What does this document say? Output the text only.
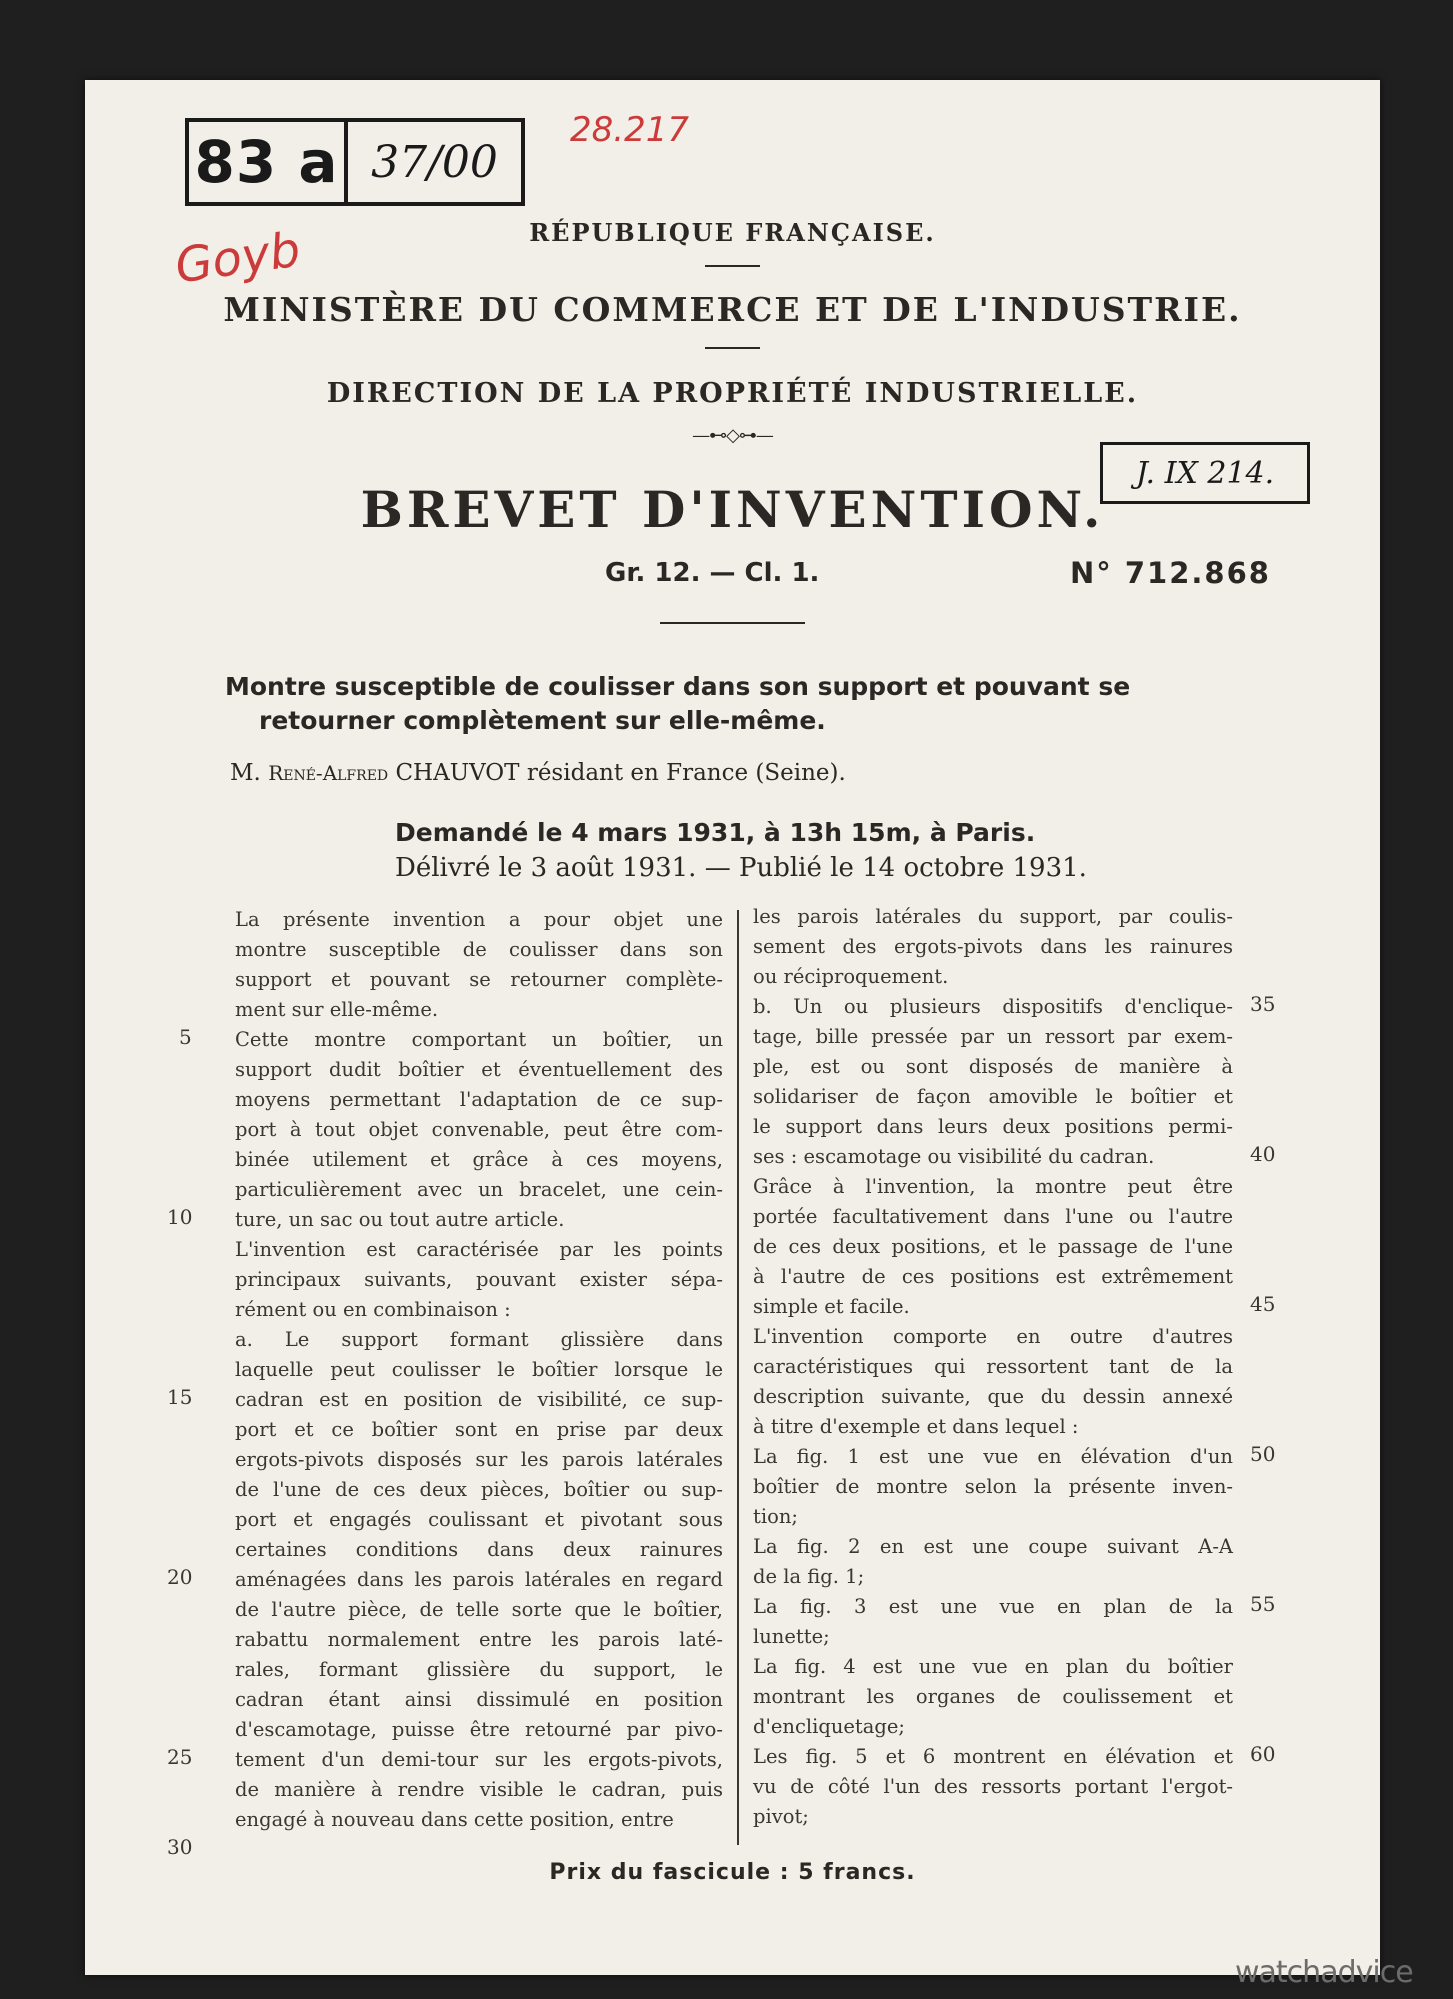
83 a 37/00
28.217
Goyb
J. IX 214.
RÉPUBLIQUE FRANÇAISE.
MINISTÈRE DU COMMERCE ET DE L'INDUSTRIE.
DIRECTION DE LA PROPRIÉTÉ INDUSTRIELLE.
—⊷◇⊶—
BREVET D'INVENTION.
Gr. 12. — Cl. 1.	N° 712.868
Montre susceptible de coulisser dans son support et pouvant se
retourner complètement sur elle-même.
M. René-Alfred CHAUVOT résidant en France (Seine).
Demandé le 4 mars 1931, à 13h 15m, à Paris.
Délivré le 3 août 1931. — Publié le 14 octobre 1931.
La présente invention a pour objet une
montre susceptible de coulisser dans son
support et pouvant se retourner complète-
ment sur elle-même.
Cette montre comportant un boîtier, un
support dudit boîtier et éventuellement des
moyens permettant l'adaptation de ce sup-
port à tout objet convenable, peut être com-
binée utilement et grâce à ces moyens,
particulièrement avec un bracelet, une cein-
ture, un sac ou tout autre article.
L'invention est caractérisée par les points
principaux suivants, pouvant exister sépa-
rément ou en combinaison :
a. Le support formant glissière dans
laquelle peut coulisser le boîtier lorsque le
cadran est en position de visibilité, ce sup-
port et ce boîtier sont en prise par deux
ergots-pivots disposés sur les parois latérales
de l'une de ces deux pièces, boîtier ou sup-
port et engagés coulissant et pivotant sous
certaines conditions dans deux rainures
aménagées dans les parois latérales en regard
de l'autre pièce, de telle sorte que le boîtier,
rabattu normalement entre les parois laté-
rales, formant glissière du support, le
cadran étant ainsi dissimulé en position
d'escamotage, puisse être retourné par pivo-
tement d'un demi-tour sur les ergots-pivots,
de manière à rendre visible le cadran, puis
engagé à nouveau dans cette position, entre
les parois latérales du support, par coulis-
sement des ergots-pivots dans les rainures
ou réciproquement.
b. Un ou plusieurs dispositifs d'enclique-
tage, bille pressée par un ressort par exem-
ple, est ou sont disposés de manière à
solidariser de façon amovible le boîtier et
le support dans leurs deux positions permi-
ses : escamotage ou visibilité du cadran.
Grâce à l'invention, la montre peut être
portée facultativement dans l'une ou l'autre
de ces deux positions, et le passage de l'une
à l'autre de ces positions est extrêmement
simple et facile.
L'invention comporte en outre d'autres
caractéristiques qui ressortent tant de la
description suivante, que du dessin annexé
à titre d'exemple et dans lequel :
La fig. 1 est une vue en élévation d'un
boîtier de montre selon la présente inven-
tion;
La fig. 2 en est une coupe suivant A-A
de la fig. 1;
La fig. 3 est une vue en plan de la
lunette;
La fig. 4 est une vue en plan du boîtier
montrant les organes de coulissement et
d'encliquetage;
Les fig. 5 et 6 montrent en élévation et
vu de côté l'un des ressorts portant l'ergot-
pivot;
5
10
15
20
25
30
35
40
45
50
55
60
Prix du fascicule : 5 francs.
watchadvice
